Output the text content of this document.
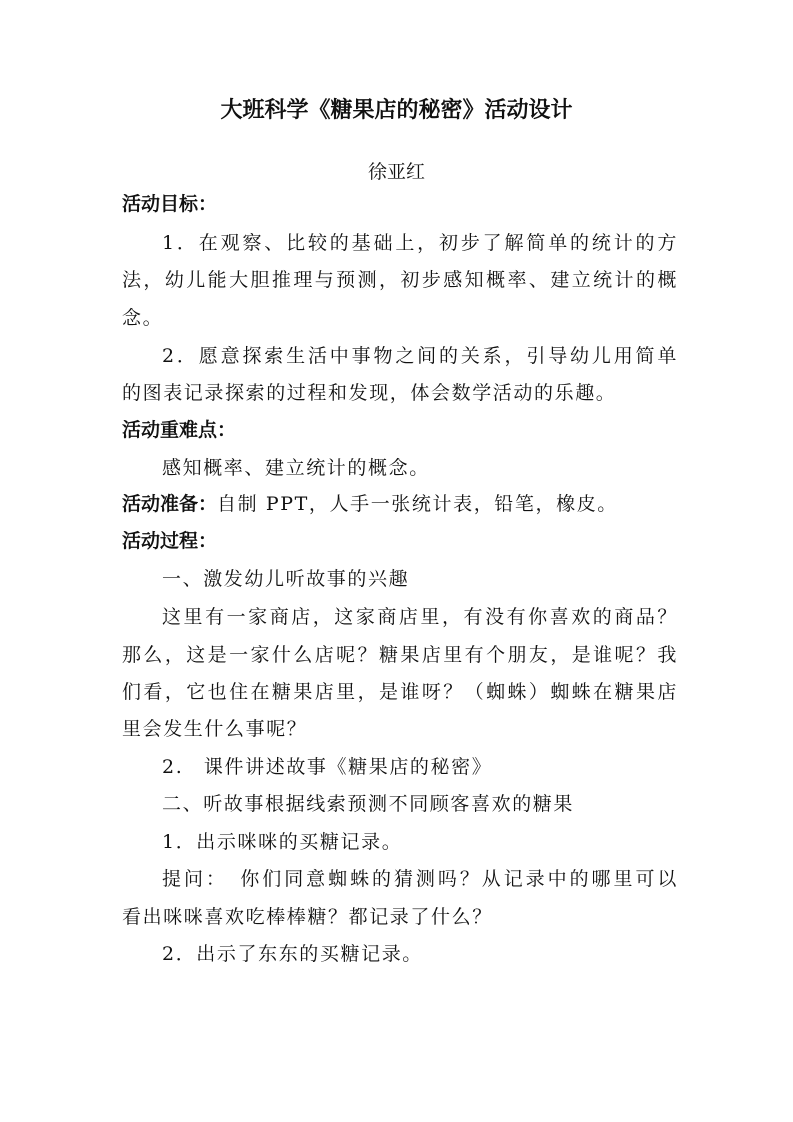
大班科学《糖果店的秘密》活动设计
徐亚红
活动目标：
1．在观察、比较的基础上，初步了解简单的统计的方
法，幼儿能大胆推理与预测，初步感知概率、建立统计的概
念。
2．愿意探索生活中事物之间的关系，引导幼儿用简单
的图表记录探索的过程和发现，体会数学活动的乐趣。
活动重难点：
感知概率、建立统计的概念。
活动准备：自制 PPT，人手一张统计表，铅笔，橡皮。
活动过程：
一、激发幼儿听故事的兴趣
这里有一家商店，这家商店里，有没有你喜欢的商品？
那么，这是一家什么店呢？糖果店里有个朋友，是谁呢？我
们看，它也住在糖果店里，是谁呀？（蜘蛛）蜘蛛在糖果店
里会发生什么事呢？
2.　课件讲述故事《糖果店的秘密》
二、听故事根据线索预测不同顾客喜欢的糖果
1．出示咪咪的买糖记录。
提问：　你们同意蜘蛛的猜测吗？从记录中的哪里可以
看出咪咪喜欢吃棒棒糖？都记录了什么？
2．出示了东东的买糖记录。
